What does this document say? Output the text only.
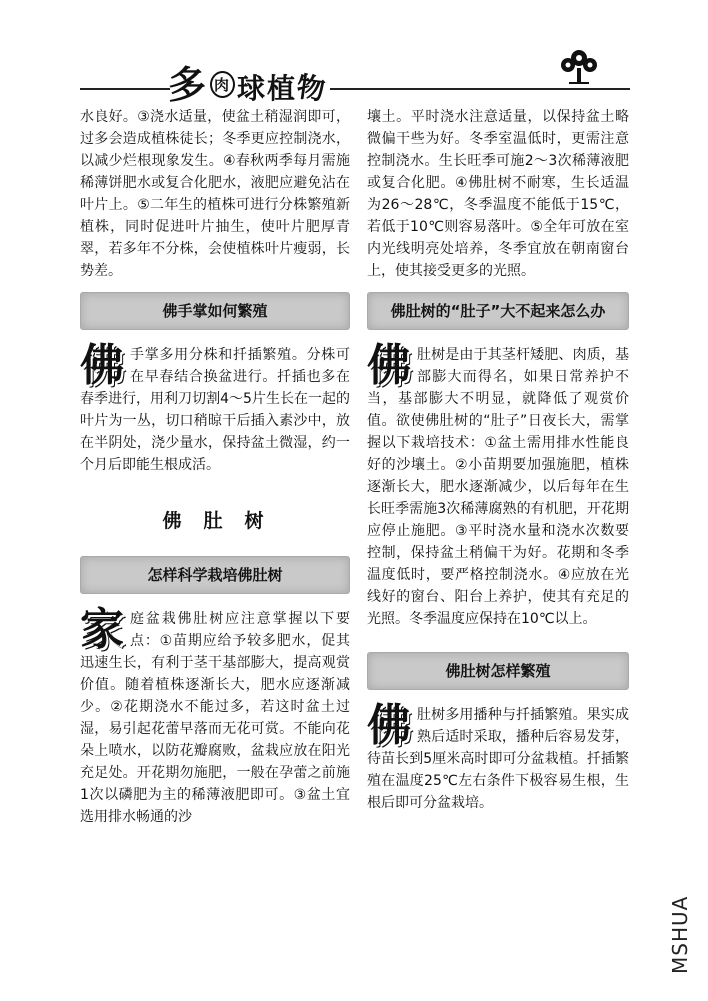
多 肉 球植物

水良好。③浇水适量，使盆土稍湿润即可，过多会造成植株徒长；冬季更应控制浇水，以减少烂根现象发生。④春秋两季每月需施稀薄饼肥水或复合化肥水，液肥应避免沾在叶片上。⑤二年生的植株可进行分株繁殖新植株，同时促进叶片抽生，使叶片肥厚青翠，若多年不分株，会使植株叶片瘦弱，长势差。

佛手掌如何繁殖

佛手掌多用分株和扦插繁殖。分株可在早春结合换盆进行。扦插也多在春季进行，用利刀切割4～5片生长在一起的叶片为一丛，切口稍晾干后插入素沙中，放在半阴处，浇少量水，保持盆土微湿，约一个月后即能生根成活。

佛肚树
怎样科学栽培佛肚树

家庭盆栽佛肚树应注意掌握以下要点：①苗期应给予较多肥水，促其迅速生长，有利于茎干基部膨大，提高观赏价值。随着植株逐渐长大，肥水应逐渐减少。②花期浇水不能过多，若这时盆土过湿，易引起花蕾早落而无花可赏。不能向花朵上喷水，以防花瓣腐败，盆栽应放在阳光充足处。开花期勿施肥，一般在孕蕾之前施1次以磷肥为主的稀薄液肥即可。③盆土宜选用排水畅通的沙

壤土。平时浇水注意适量，以保持盆土略微偏干些为好。冬季室温低时，更需注意控制浇水。生长旺季可施2～3次稀薄液肥或复合化肥。④佛肚树不耐寒，生长适温为26～28℃，冬季温度不能低于15℃，若低于10℃则容易落叶。⑤全年可放在室内光线明亮处培养，冬季宜放在朝南窗台上，使其接受更多的光照。

佛肚树的“肚子”大不起来怎么办

佛肚树是由于其茎杆矮肥、肉质，基部膨大而得名，如果日常养护不当，基部膨大不明显，就降低了观赏价值。欲使佛肚树的“肚子”日夜长大，需掌握以下栽培技术：①盆土需用排水性能良好的沙壤土。②小苗期要加强施肥，植株逐渐长大，肥水逐渐减少，以后每年在生长旺季需施3次稀薄腐熟的有机肥，开花期应停止施肥。③平时浇水量和浇水次数要控制，保持盆土稍偏干为好。花期和冬季温度低时，要严格控制浇水。④应放在光线好的窗台、阳台上养护，使其有充足的光照。冬季温度应保持在10℃以上。

佛肚树怎样繁殖

佛肚树多用播种与扦插繁殖。果实成熟后适时采取，播种后容易发芽，待苗长到5厘米高时即可分盆栽植。扦插繁殖在温度25℃左右条件下极容易生根，生根后即可分盆栽培。

MSHUA
